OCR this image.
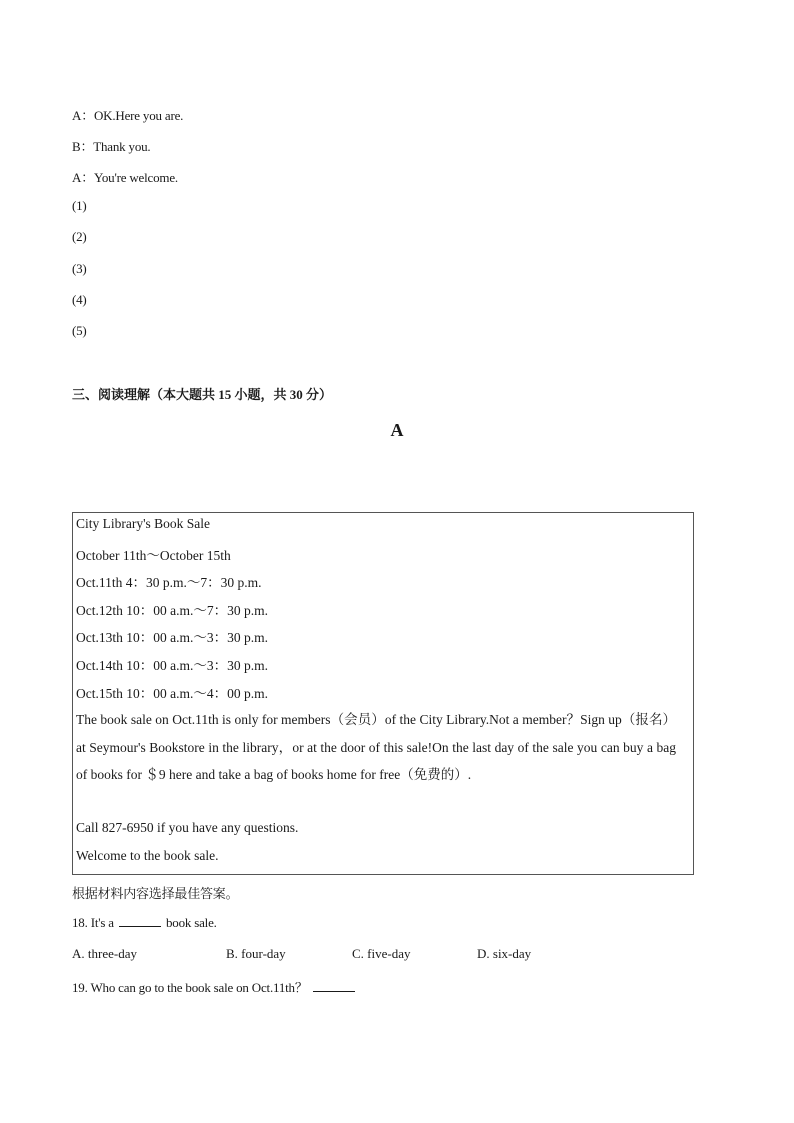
A：OK.Here you are.
B：Thank you.
A：You're welcome.
(1)
(2)
(3)
(4)
(5)
三、阅读理解（本大题共 15 小题，共 30 分）
A
City Library's Book Sale
October 11th～October 15th
Oct.11th 4：30 p.m.～7：30 p.m.
Oct.12th 10：00 a.m.～7：30 p.m.
Oct.13th 10：00 a.m.～3：30 p.m.
Oct.14th 10：00 a.m.～3：30 p.m.
Oct.15th 10：00 a.m.～4：00 p.m.
The book sale on Oct.11th is only for members（会员）of the City Library.Not a member？Sign up（报名）at Seymour's Bookstore in the library，or at the door of this sale!On the last day of the sale you can buy a bag of books for ＄9 here and take a bag of books home for free（免费的）.
Call 827-6950 if you have any questions.
Welcome to the book sale.
根据材料内容选择最佳答案。
18. It's a	book sale.
A. three-day	B. four-day	C. five-day	D. six-day
19. Who can go to the book sale on Oct.11th？
